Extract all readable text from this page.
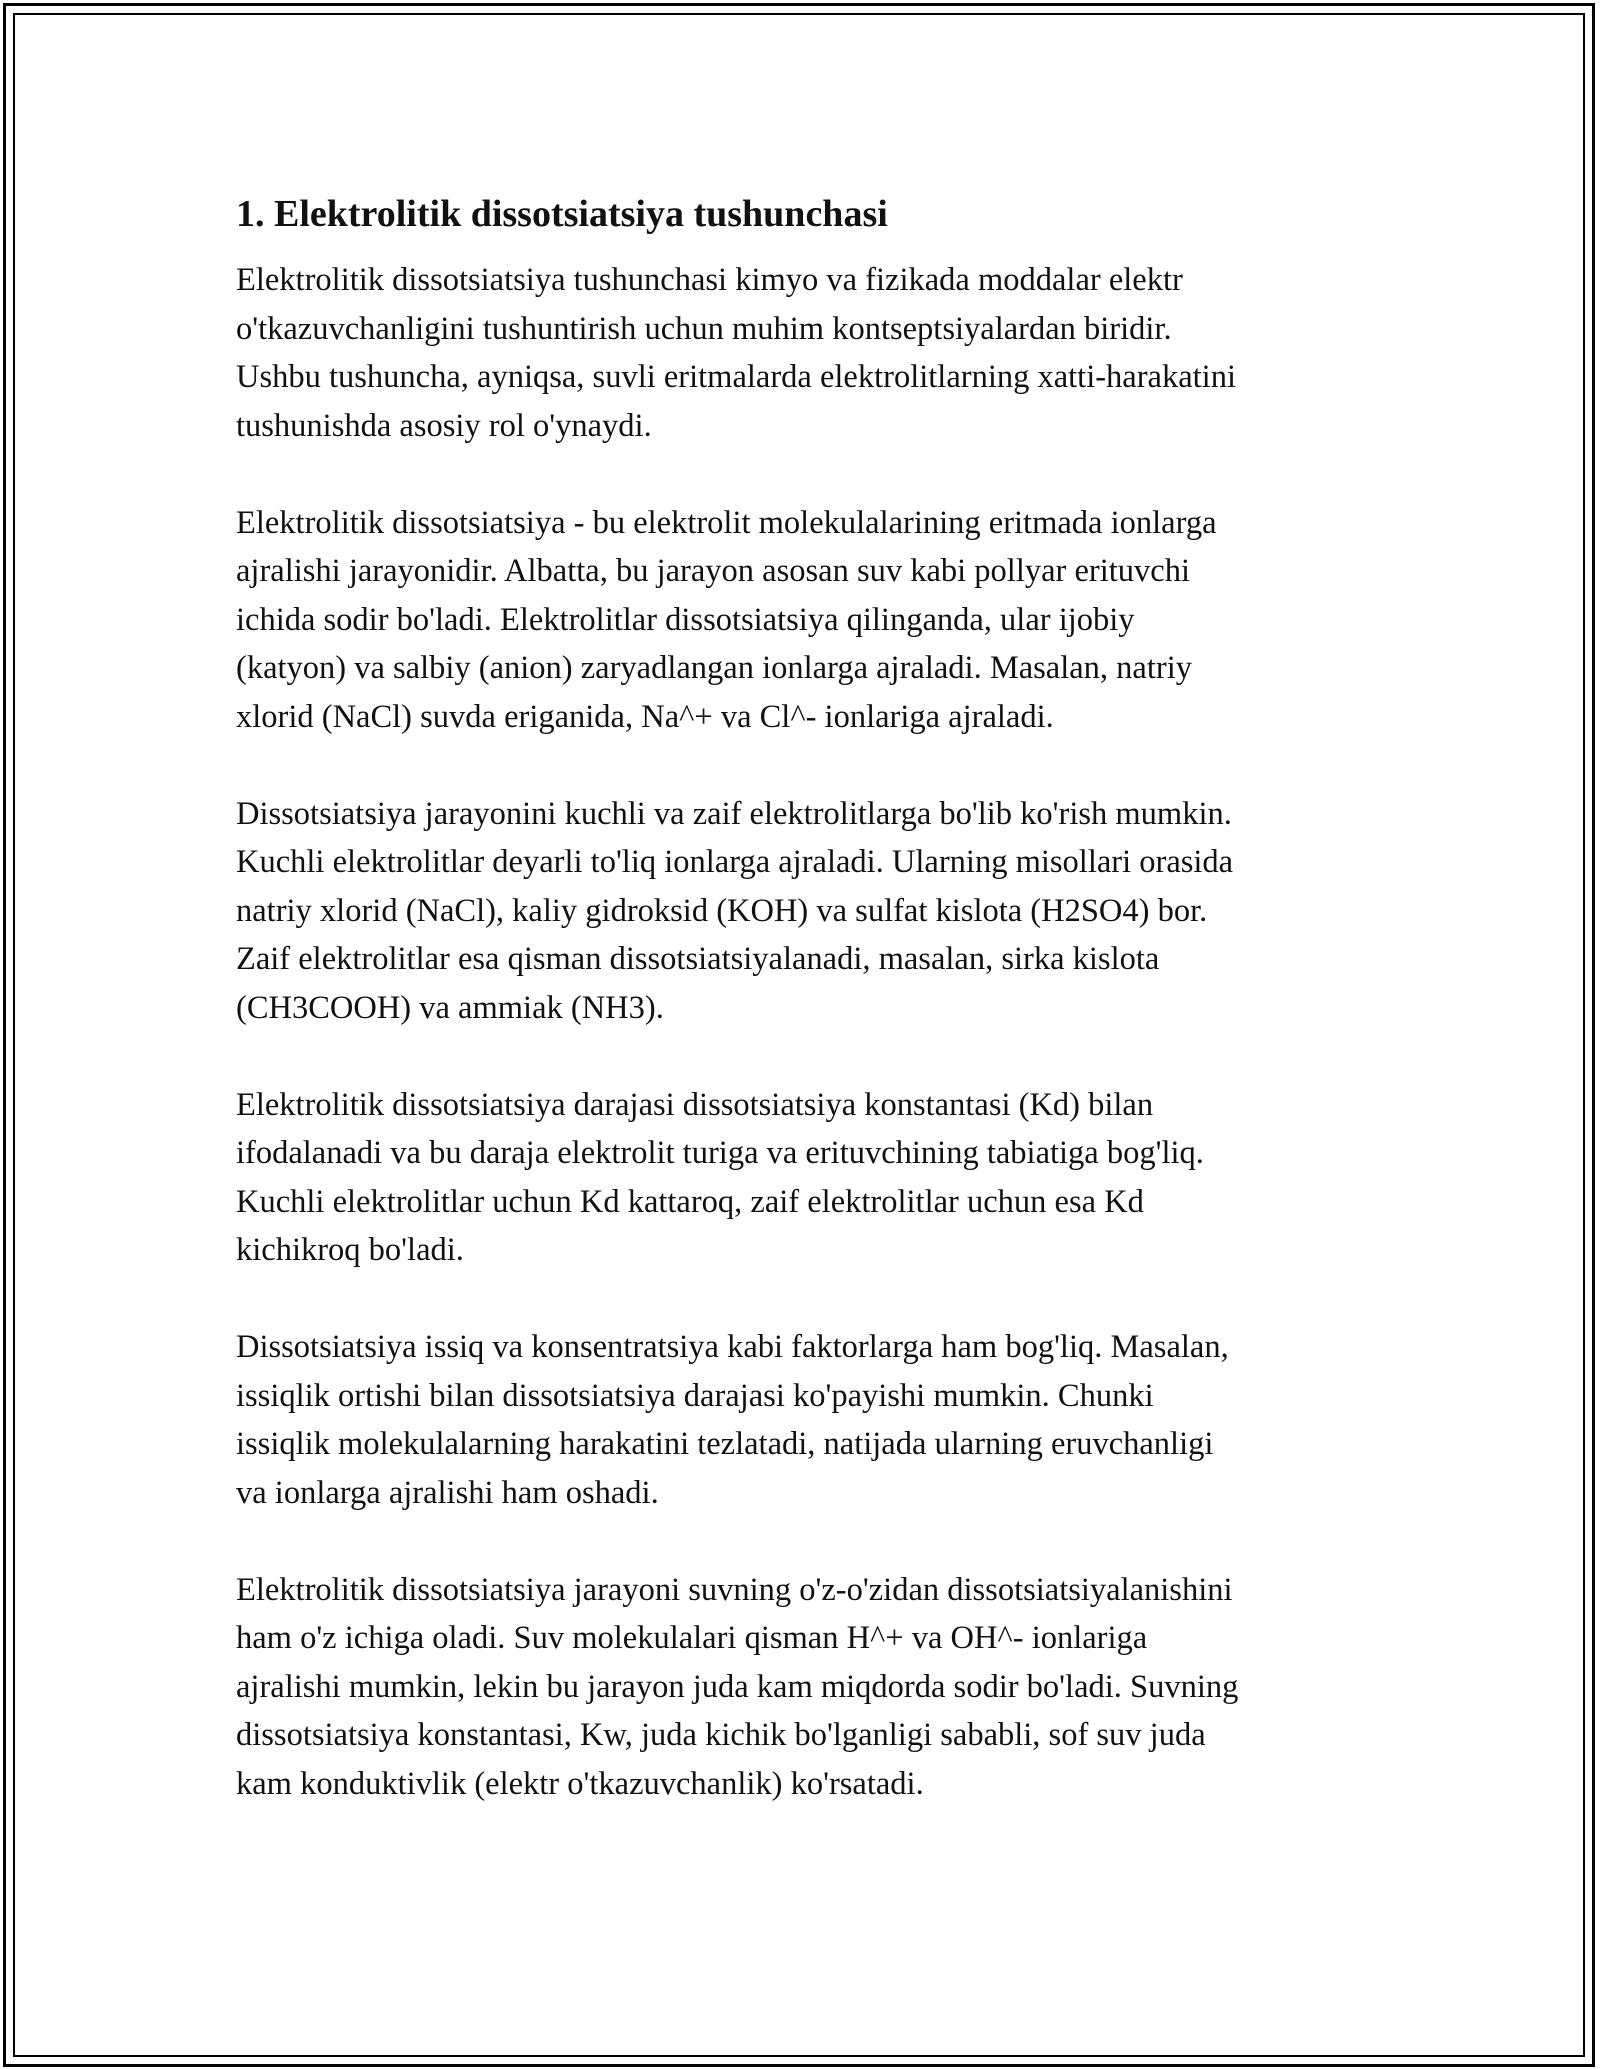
1. Elektrolitik dissotsiatsiya tushunchasi
Elektrolitik dissotsiatsiya tushunchasi kimyo va fizikada moddalar elektr
o'tkazuvchanligini tushuntirish uchun muhim kontseptsiyalardan biridir.
Ushbu tushuncha, ayniqsa, suvli eritmalarda elektrolitlarning xatti-harakatini
tushunishda asosiy rol o'ynaydi.
Elektrolitik dissotsiatsiya - bu elektrolit molekulalarining eritmada ionlarga
ajralishi jarayonidir. Albatta, bu jarayon asosan suv kabi pollyar erituvchi
ichida sodir bo'ladi. Elektrolitlar dissotsiatsiya qilinganda, ular ijobiy
(katyon) va salbiy (anion) zaryadlangan ionlarga ajraladi. Masalan, natriy
xlorid (NaCl) suvda eriganida, Na^+ va Cl^- ionlariga ajraladi.
Dissotsiatsiya jarayonini kuchli va zaif elektrolitlarga bo'lib ko'rish mumkin.
Kuchli elektrolitlar deyarli to'liq ionlarga ajraladi. Ularning misollari orasida
natriy xlorid (NaCl), kaliy gidroksid (KOH) va sulfat kislota (H2SO4) bor.
Zaif elektrolitlar esa qisman dissotsiatsiyalanadi, masalan, sirka kislota
(CH3COOH) va ammiak (NH3).
Elektrolitik dissotsiatsiya darajasi dissotsiatsiya konstantasi (Kd) bilan
ifodalanadi va bu daraja elektrolit turiga va erituvchining tabiatiga bog'liq.
Kuchli elektrolitlar uchun Kd kattaroq, zaif elektrolitlar uchun esa Kd
kichikroq bo'ladi.
Dissotsiatsiya issiq va konsentratsiya kabi faktorlarga ham bog'liq. Masalan,
issiqlik ortishi bilan dissotsiatsiya darajasi ko'payishi mumkin. Chunki
issiqlik molekulalarning harakatini tezlatadi, natijada ularning eruvchanligi
va ionlarga ajralishi ham oshadi.
Elektrolitik dissotsiatsiya jarayoni suvning o'z-o'zidan dissotsiatsiyalanishini
ham o'z ichiga oladi. Suv molekulalari qisman H^+ va OH^- ionlariga
ajralishi mumkin, lekin bu jarayon juda kam miqdorda sodir bo'ladi. Suvning
dissotsiatsiya konstantasi, Kw, juda kichik bo'lganligi sababli, sof suv juda
kam konduktivlik (elektr o'tkazuvchanlik) ko'rsatadi.
